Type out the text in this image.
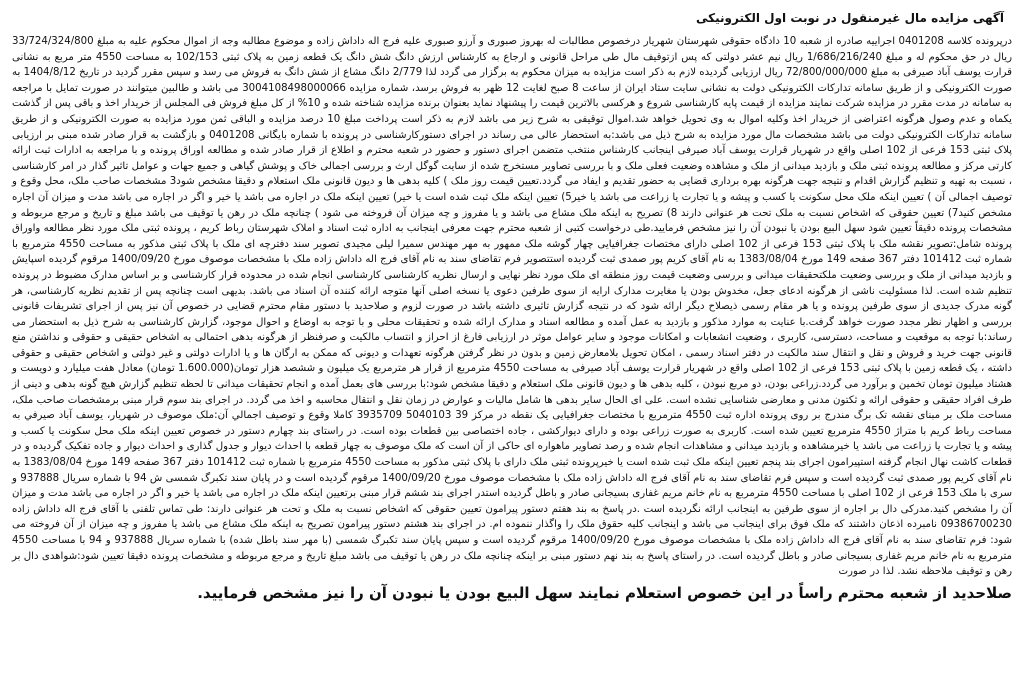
آگهی مزایده مال غیرمنقول در نوبت اول الکترونیکی

درپرونده کلاسه 0401208 اجراییه صادره از شعبه 10 دادگاه حقوقی شهرستان شهریار درخصوص مطالبات له بهروز صبوری و آرزو صبوری علیه فرج اله داداش زاده و موضوع مطالبه وجه از اموال محکوم علیه به مبلغ 33/724/324/800 ریال در حق محکوم له و مبلغ 1/686/216/240 ریال نیم عشر دولتی که پس ازتوقیف مال طی مراحل قانونی و ارجاع به کارشناس ارزش دانگ شش دانگ یک قطعه زمین به پلاک ثبتی 102/153 به مساحت 4550 متر مربع به نشانی قرارت یوسف آباد صیرفی به مبلغ 72/800/000/000 ریال ارزیابی گردیده لازم به ذکر است مزایده به میزان محکوم به برگزار می گردد لذا 2/779 دانگ مشاع از شش دانگ به فروش می رسد و سپس مقرر گردید در تاریخ 1404/8/12 به صورت الکترونیکی و از طریق سامانه تدارکات الکترونیکی دولت به نشانی سایت ستاد ایران از ساعت 8 صبح لغایت 12 ظهر به فروش برسد، شماره مزایده 3004108498000066 می باشد و طالبین میتوانند در صورت تمایل با مراجعه به سامانه در مدت مقرر در مزایده شرکت نمایند مزایده از قیمت پایه کارشناسی شروع و هرکسی بالاترین قیمت را پیشنهاد نماید بعنوان برنده مزایده شناخته شده و 10% از کل مبلغ فروش فی المجلس از خریدار اخذ و باقی پس از گذشت یکماه و عدم وصول هرگونه اعتراضی از خریدار اخذ وکلیه اموال به وی تحویل خواهد شد.اموال توقیفی به شرح زیر می باشد لازم به ذکر است پرداخت مبلغ 10 درصد مزایده و الباقی ثمن مورد مزایده به صورت الکترونیکی و از طریق سامانه تدارکات الکترونیکی دولت می باشد مشخصات مال مورد مزایده به شرح ذیل می باشد:به استحضار عالی می رساند در اجرای دستورکارشناسی در پرونده با شماره بایگانی 0401208 و بازگشت به قرار صادر شده مبنی بر ارزیابی پلاک ثبتی 153 فرعی از 102 اصلی واقع در شهریار قرارت یوسف آباد صیرفی اینجانب کارشناس منتخب متضمن اجرای دستور و حضور در شعبه محترم و اطلاع از قرار صادر شده و مطالعه اوراق پرونده و با مراجعه به ادارات ثبت ارائه کارتی مرکز و مطالعه پرونده ثبتی ملک و بازدید میدانی از ملک و مشاهده وضعیت فعلی ملک و با بررسی تصاویر مستخرج شده از سایت گوگل ارث و بررسی اجمالی خاک و پوشش گیاهی و جمیع جهات و عوامل تاثیر گذار در امر کارشناسی ، نسبت به تهیه و تنظیم گزارش اقدام و نتیجه جهت هرگونه بهره برداری قضایی به حضور تقدیم و ایفاد می گردد.تعیین قیمت روز ملک ) کلیه بدهی ها و دیون قانونی ملک استعلام و دقیقا مشخص شود3 مشخصات صاحب ملک، محل وقوع و توصیف اجمالی آن ) تعیین اینکه ملک محل سکونت یا کسب و پیشه و یا تجارت یا زراعت می باشد یا خیر5) تعیین اینکه ملک ثبت شده است یا خیر) تعیین اینکه ملک در اجاره می باشد یا خیر و اگر در اجاره می باشد مدت و میزان آن اجاره مشخص کنید7) تعیین حقوقی که اشخاص نسبت به ملک تحت هر عنوانی دارند 8) تصریح به اینکه ملک مشاع می باشد و یا مفروز و چه میزان آن فروخته می شود ) چنانچه ملک در رهن یا توقیف می باشد مبلغ و تاریخ و مرجع مربوطه و مشخصات پرونده دقیقاً تعیین شود سهل البیع بودن یا نبودن آن را نیز مشخص فرمایید.طی درخواست کتبی از شعبه محترم جهت معرفی اینجانب به اداره ثبت اسناد و املاک شهرستان رباط کریم ، پرونده ثبتی ملک مورد نظر مطالعه واوراق پرونده شامل:تصویر نقشه ملک با پلاک ثبتی 153 فرعی از 102 اصلی دارای مختصات جغرافیایی چهار گوشه ملک ممهور به مهر مهندس سمیرا لیلی مجیدی تصویر سند دفترچه ای ملک با پلاک ثبتی مذکور به مساحت 4550 مترمربع با شماره ثبت 101412 دفتر 367 صفحه 149 مورخ 1383/08/04 به نام آقای کریم پور صمدی ثبت گردیده استتصویر فرم تقاضای سند به نام آقای فرج اله داداش زاده ملک با مشخصات موصوف مورخ 1400/09/20 مرقوم گردیده اسپایش و بازدید میدانی از ملک و بررسی وضعیت ملکتحقیقات میدانی و بررسی وضعیت قیمت روز منطقه ای ملک مورد نظر نهایی و ارسال نظریه کارشناسی کارشناسی انجام شده در محدوده قرار کارشناسی و بر اساس مدارک مضبوط در پرونده تنظیم شده است. لذا مسئولیت ناشی از هرگونه ادعای جعل، مخدوش بودن یا مغایرت مدارک ارایه از سوی طرفین دعوی یا نسخه اصلی آنها متوجه ارائه کننده آن اسناد می باشد. بدیهی است چنانچه پس از تقدیم نظریه کارشناسی، هر گونه مدرک جدیدی از سوی طرفین پرونده و یا هر مقام رسمی ذیصلاح دیگر ارائه شود که در نتیجه گزارش تاثیری داشته باشد در صورت لزوم و صلاحدید با دستور مقام محترم قضایی در خصوص آن نیز پس از اجرای تشریفات قانونی بررسی و اظهار نظر مجدد صورت خواهد گرفت.با عنایت به موارد مذکور و بازدید به عمل آمده و مطالعه اسناد و مدارک ارائه شده و تحقیقات محلی و با توجه به اوضاع و احوال موجود، گزارش کارشناسی به شرح ذیل به استحضار می رساند:با توجه به موقعیت و مساحت، دسترسی، کاربری ، وضعیت انشعابات و امکانات موجود و سایر عوامل موثر در ارزیابی فارغ از احراز و انتساب مالکیت و صرفنظر از هرگونه بدهی احتمالی به اشخاص حقیقی و حقوقی و نداشتن منع قانونی جهت خرید و فروش و نقل و انتقال سند مالکیت در دفتر اسناد رسمی ، امکان تحویل بلامعارض زمین و بدون در نظر گرفتن هرگونه تعهدات و دیونی که ممکن به ارگان ها و یا ادارات دولتی و غیر دولتی و اشخاص حقیقی و حقوقی داشته ، یک قطعه زمین با پلاک ثبتی 153 فرعی از 102 اصلی واقع در شهریار قرارت یوسف آباد صیرفی به مساحت 4550 مترمربع از قرار هر مترمربع یک میلیون و ششصد هزار تومان(1.600.000 تومان) معادل هفت میلیارد و دویست و هشتاد میلیون تومان تخمین و برآورد می گردد.زراعی بودن، دو مربع نبودن ، کلیه بدهی ها و دیون قانونی ملک استعلام و دقیقا مشخص شود:با بررسی های بعمل آمده و انجام تحقیقات میدانی تا لحظه تنظیم گزارش هیچ گونه بدهی و دینی از طرف افراد حقیقی و حقوقی ارائه و ثکتون مدنی و معارضی شناسایی نشده است. علی ای الحال سایر بدهی ها شامل مالیات و عوارض در زمان نقل و انتقال محاسبه و اخذ می گردد. در اجرای بند سوم قرار مبنی برمشخصات صاحب ملک، مساحت ملک بر مبنای نقشه تک برگ مندرج بر روی پرونده اداره ثبت 4550 مترمربع با مختصات جغرافیایی یک نقطه در مرکز 39 5040103 3935709 كاملا وقوع و توصيف اجمالي آن:ملک موصوف در شهريار، يوسف آباد صيرفي به مساحت رباط کریم با متراژ 4550 مترمربع تعیین شده است. کاربری به صورت زراعی بوده و دارای دیوارکشی ، جاده اختصاصی بین قطعات بوده است. در راستای بند چهارم دستور در خصوص تعیین اینکه ملک محل سکونت یا کسب و پیشه و یا تجارت یا زراعت می باشد یا خیرمشاهده و بازدید میدانی و مشاهدات انجام شده و رصد تصاویر ماهواره ای حاکی از آن است که ملک موصوف به چهار قطعه با احداث دیوار و جدول گذاری و احداث دیوار و جاده تفکیک گردیده و در قطعات کاشت نهال انجام گرفته استپیرامون اجرای بند پنجم تعیین اینکه ملک ثبت شده است یا خیرپرونده ثبتی ملک دارای با پلاک ثبتی مذکور به مساحت 4550 مترمربع با شماره ثبت 101412 دفتر 367 صفحه 149 مورخ 1383/08/04 به نام آقای کریم پور صمدی ثبت گردیده است و سپس فرم تقاضای سند به نام آقای فرج اله داداش زاده ملک با مشخصات موصوف مورخ 1400/09/20 مرقوم گردیده است و در پایان سند تکبرگ شمسی ش 94 با شماره سریال 937888 و سری با ملک 153 فرعی از 102 اصلی با مساحت 4550 مترمربع به نام خانم مریم غفاری بسیجانی صادر و باطل گردیده استدر اجرای بند ششم قرار مبنی برتعیین اینکه ملک در اجاره می باشد یا خیر و اگر در اجاره می باشد مدت و میزان آن را مشخص کنید.مدرکی دال بر اجاره از سوی طرفین به اینجانب ارائه نگردیده است .در پاسخ به بند هفتم دستور پیرامون تعیین حقوقی که اشخاص نسبت به ملک و تحت هر عنوانی دارند: طی تماس تلفنی با آقای فرج اله داداش زاده 09386700230 نامبرده اذعان داشتند که ملک فوق برای اینجانب می باشد و اینجانب کلیه حقوق ملک را واگذار ننموده ام. در اجرای بند هشتم دستور پیرامون تصریح به اینکه ملک مشاع می باشد یا مفروز و چه میزان از آن فروخته می شود: فرم تقاضای سند به نام آقای فرج اله داداش زاده ملک با مشخصات موصوف مورخ 1400/09/20 مرقوم گردیده است و سپس پایان سند تکبرگ شمسی (با مهر سند باطل شده) با شماره سریال 937888 و 94 با مساحت 4550 مترمربع به نام خانم مریم غفاری بسیجانی صادر و باطل گردیده است. در راستای پاسخ به بند نهم دستور مبنی بر اینکه چنانچه ملک در رهن یا توقیف می باشد مبلغ تاریخ و مرجع مربوطه و مشخصات پرونده دقیقا تعیین شود:شواهدی دال بر رهن و توقیف ملاحظه نشد. لذا در صورت

صلاحدید از شعبه محترم راساً در این خصوص استعلام نمایند سهل البیع بودن یا نبودن آن را نیز مشخص فرمایید.
